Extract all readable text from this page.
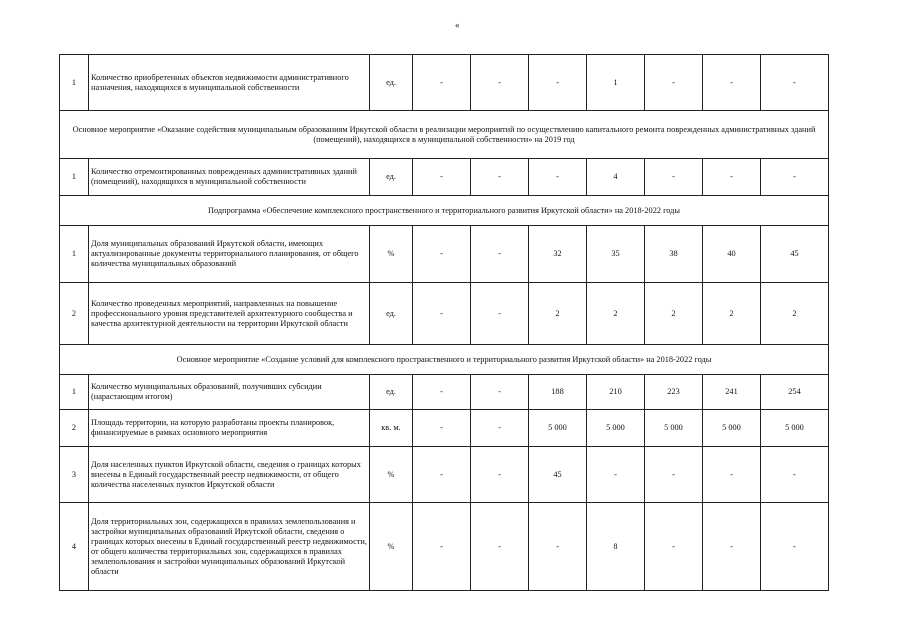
«
1	Количество приобретенных объектов недвижимости административного назначения, находящихся в муниципальной собственности	ед.	-	-	-	1	-	-	-
Основное мероприятие «Оказание содействия муниципальным образованиям Иркутской области в реализации мероприятий по осуществлению капитального ремонта поврежденных административных зданий (помещений), находящихся в муниципальной собственности» на 2019 год									
1	Количество отремонтированных поврежденных административных зданий (помещений), находящихся в муниципальной собственности	ед.	-	-	-	4	-	-	-
Подпрограмма «Обеспечение комплексного пространственного и территориального развития Иркутской области» на 2018-2022 годы									
1	Доля муниципальных образований Иркутской области, имеющих актуализированные документы территориального планирования, от общего количества муниципальных образований	%	-	-	32	35	38	40	45
2	Количество проведенных мероприятий, направленных на повышение профессионального уровня представителей архитектурного сообщества и качества архитектурной деятельности на территории Иркутской области	ед.	-	-	2	2	2	2	2
Основное мероприятие «Создание условий для комплексного пространственного и территориального развития Иркутской области» на 2018-2022 годы									
1	Количество муниципальных образований, получивших субсидии (нарастающим итогом)	ед.	-	-	188	210	223	241	254
2	Площадь территории, на которую разработаны проекты планировок, финансируемые в рамках основного мероприятия	кв. м.	-	-	5 000	5 000	5 000	5 000	5 000
3	Доля населенных пунктов Иркутской области, сведения о границах которых внесены в Единый государственный реестр недвижимости, от общего количества населенных пунктов Иркутской области	%	-	-	45	-	-	-	-
4	Доля территориальных зон, содержащихся в правилах землепользования и застройки муниципальных образований Иркутской области, сведения о границах которых внесены в Единый государственный реестр недвижимости, от общего количества территориальных зон, содержащихся в правилах землепользования и застройки муниципальных образований Иркутской области	%	-	-	-	8	-	-	-
